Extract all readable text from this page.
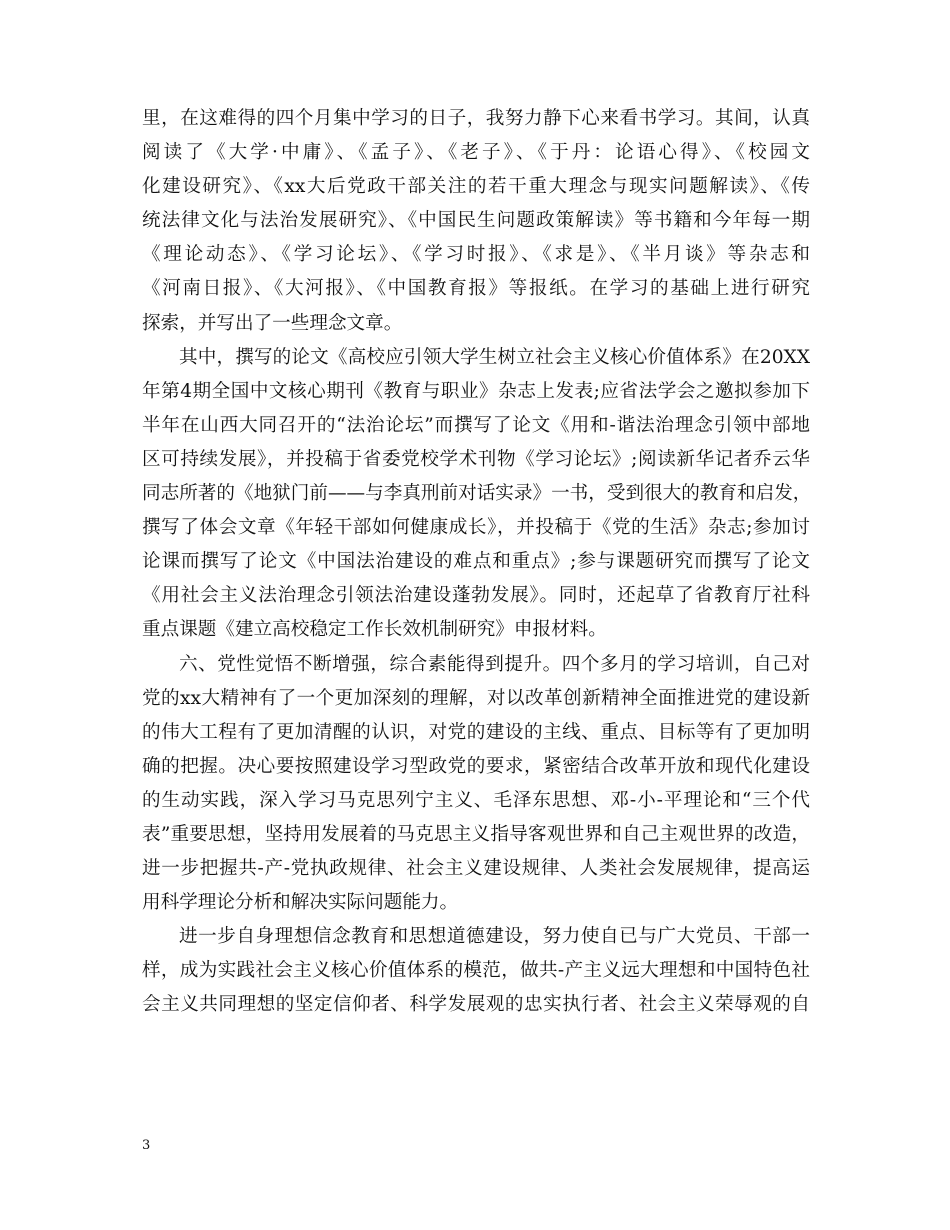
里，在这难得的四个月集中学习的日子，我努力静下心来看书学习。其间，认真
阅读了《大学·中庸》、《孟子》、《老子》、《于丹：论语心得》、《校园文
化建设研究》、《xx大后党政干部关注的若干重大理念与现实问题解读》、《传
统法律文化与法治发展研究》、《中国民生问题政策解读》等书籍和今年每一期
《理论动态》、《学习论坛》、《学习时报》、《求是》、《半月谈》等杂志和
《河南日报》、《大河报》、《中国教育报》等报纸。在学习的基础上进行研究
探索，并写出了一些理念文章。
其中，撰写的论文《高校应引领大学生树立社会主义核心价值体系》在20XX
年第4期全国中文核心期刊《教育与职业》杂志上发表;应省法学会之邀拟参加下
半年在山西大同召开的“法治论坛”而撰写了论文《用和-谐法治理念引领中部地
区可持续发展》，并投稿于省委党校学术刊物《学习论坛》;阅读新华记者乔云华
同志所著的《地狱门前——与李真刑前对话实录》一书，受到很大的教育和启发，
撰写了体会文章《年轻干部如何健康成长》，并投稿于《党的生活》杂志;参加讨
论课而撰写了论文《中国法治建设的难点和重点》;参与课题研究而撰写了论文
《用社会主义法治理念引领法治建设蓬勃发展》。同时，还起草了省教育厅社科
重点课题《建立高校稳定工作长效机制研究》申报材料。
六、党性觉悟不断增强，综合素能得到提升。四个多月的学习培训，自己对
党的xx大精神有了一个更加深刻的理解，对以改革创新精神全面推进党的建设新
的伟大工程有了更加清醒的认识，对党的建设的主线、重点、目标等有了更加明
确的把握。决心要按照建设学习型政党的要求，紧密结合改革开放和现代化建设
的生动实践，深入学习马克思列宁主义、毛泽东思想、邓-小-平理论和“三个代
表”重要思想，坚持用发展着的马克思主义指导客观世界和自己主观世界的改造，
进一步把握共-产-党执政规律、社会主义建设规律、人类社会发展规律，提高运
用科学理论分析和解决实际问题能力。
进一步自身理想信念教育和思想道德建设，努力使自已与广大党员、干部一
样，成为实践社会主义核心价值体系的模范，做共-产主义远大理想和中国特色社
会主义共同理想的坚定信仰者、科学发展观的忠实执行者、社会主义荣辱观的自
3
